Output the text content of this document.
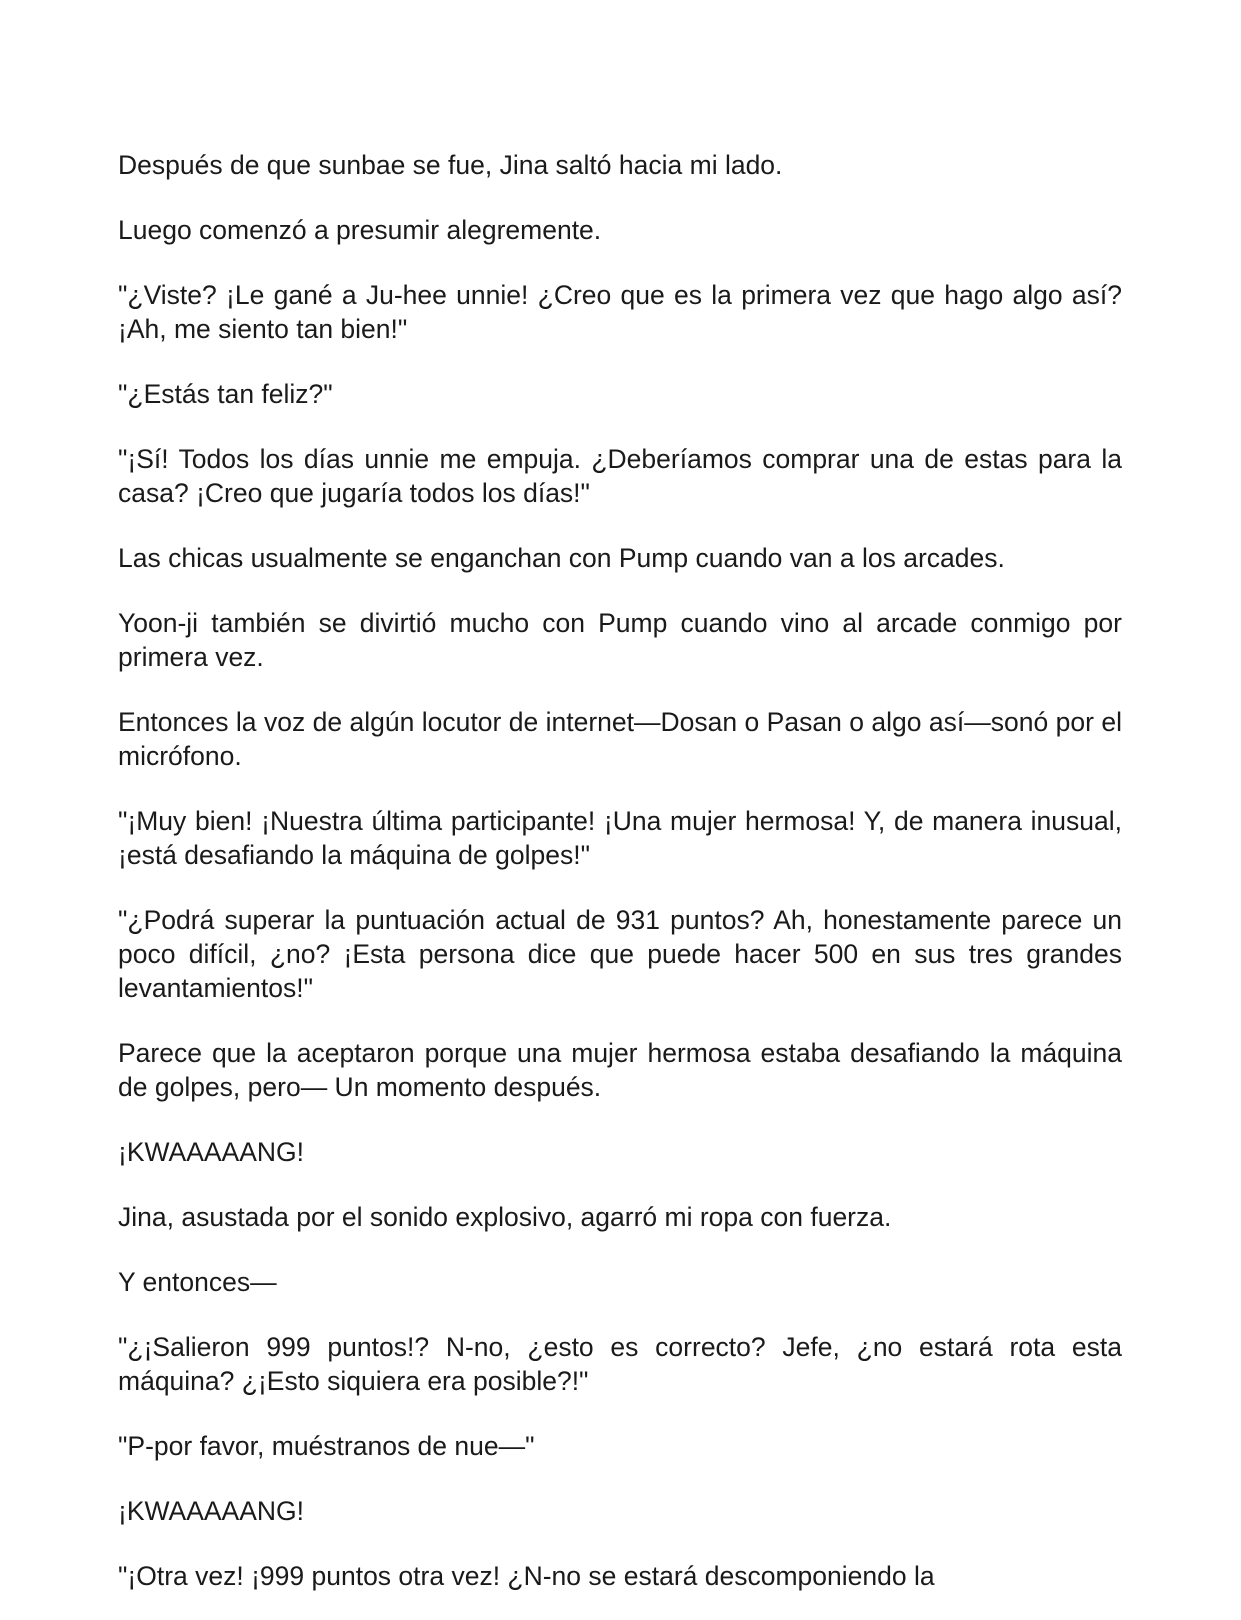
Después de que sunbae se fue, Jina saltó hacia mi lado.

Luego comenzó a presumir alegremente.

"¿Viste? ¡Le gané a Ju-hee unnie! ¿Creo que es la primera vez que hago algo así? ¡Ah, me siento tan bien!"

"¿Estás tan feliz?"

"¡Sí! Todos los días unnie me empuja. ¿Deberíamos comprar una de estas para la casa? ¡Creo que jugaría todos los días!"

Las chicas usualmente se enganchan con Pump cuando van a los arcades.

Yoon-ji también se divirtió mucho con Pump cuando vino al arcade conmigo por primera vez.

Entonces la voz de algún locutor de internet—Dosan o Pasan o algo así—sonó por el micrófono.

"¡Muy bien! ¡Nuestra última participante! ¡Una mujer hermosa! Y, de manera inusual, ¡está desafiando la máquina de golpes!"

"¿Podrá superar la puntuación actual de 931 puntos? Ah, honestamente parece un poco difícil, ¿no? ¡Esta persona dice que puede hacer 500 en sus tres grandes levantamientos!"

Parece que la aceptaron porque una mujer hermosa estaba desafiando la máquina de golpes, pero— Un momento después.

¡KWAAAAANG!

Jina, asustada por el sonido explosivo, agarró mi ropa con fuerza.

Y entonces—

"¿¡Salieron 999 puntos!? N-no, ¿esto es correcto? Jefe, ¿no estará rota esta máquina? ¿¡Esto siquiera era posible?!"

"P-por favor, muéstranos de nue—"

¡KWAAAAANG!

"¡Otra vez! ¡999 puntos otra vez! ¿N-no se estará descomponiendo la
